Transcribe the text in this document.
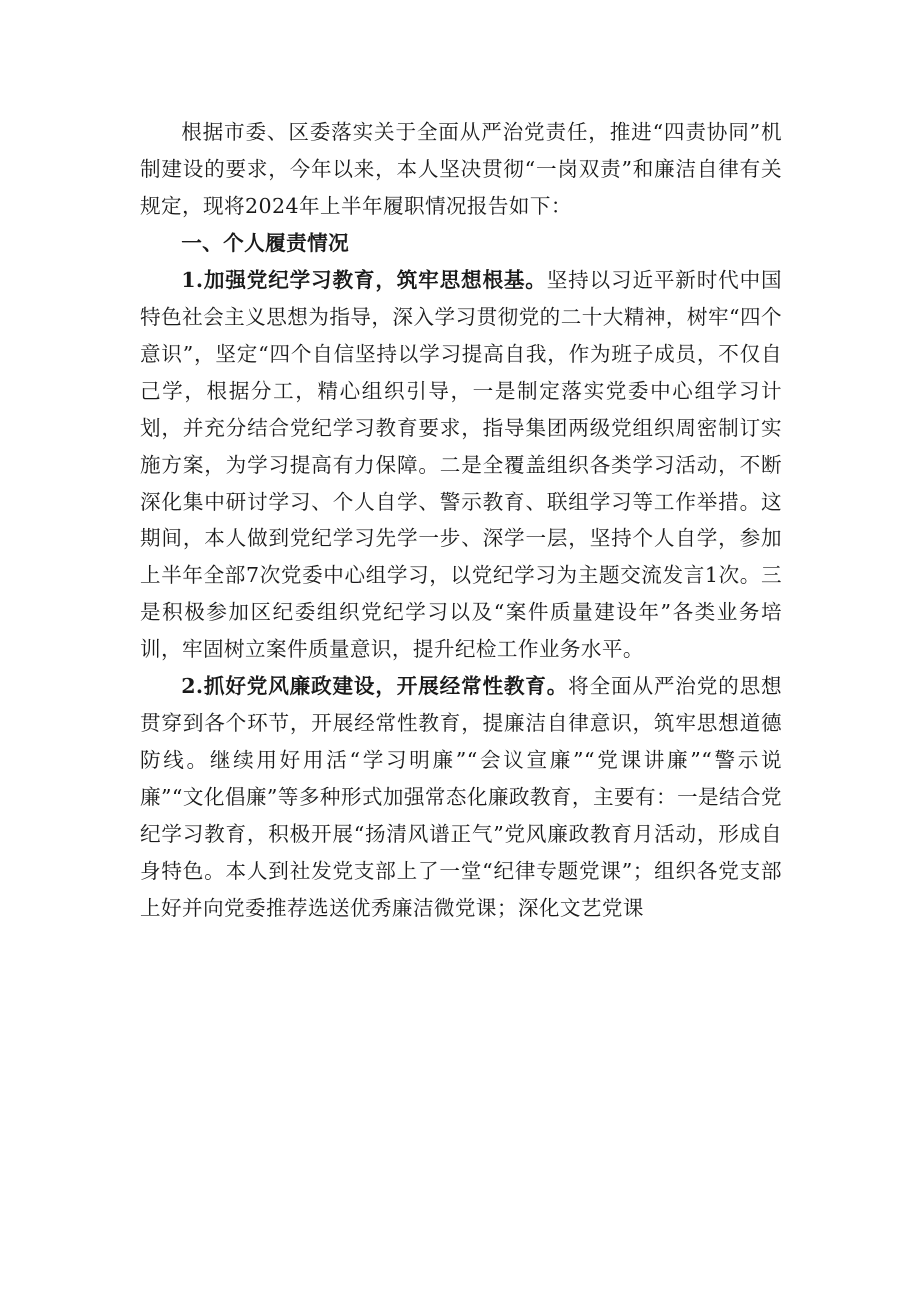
根据市委、区委落实关于全面从严治党责任，推进“四责协同”机制建设的要求，今年以来，本人坚决贯彻“一岗双责”和廉洁自律有关规定，现将2024年上半年履职情况报告如下：

一、个人履责情况

1.加强党纪学习教育，筑牢思想根基。坚持以习近平新时代中国特色社会主义思想为指导，深入学习贯彻党的二十大精神，树牢“四个意识”，坚定“四个自信坚持以学习提高自我，作为班子成员，不仅自己学，根据分工，精心组织引导，一是制定落实党委中心组学习计划，并充分结合党纪学习教育要求，指导集团两级党组织周密制订实施方案，为学习提高有力保障。二是全覆盖组织各类学习活动，不断深化集中研讨学习、个人自学、警示教育、联组学习等工作举措。这期间，本人做到党纪学习先学一步、深学一层，坚持个人自学，参加上半年全部7次党委中心组学习，以党纪学习为主题交流发言1次。三是积极参加区纪委组织党纪学习以及“案件质量建设年”各类业务培训，牢固树立案件质量意识，提升纪检工作业务水平。

2.抓好党风廉政建设，开展经常性教育。将全面从严治党的思想贯穿到各个环节，开展经常性教育，提廉洁自律意识，筑牢思想道德防线。继续用好用活“学习明廉”“会议宣廉”“党课讲廉”“警示说廉”“文化倡廉”等多种形式加强常态化廉政教育，主要有：一是结合党纪学习教育，积极开展“扬清风谱正气”党风廉政教育月活动，形成自身特色。本人到社发党支部上了一堂“纪律专题党课”；组织各党支部上好并向党委推荐选送优秀廉洁微党课；深化文艺党课
